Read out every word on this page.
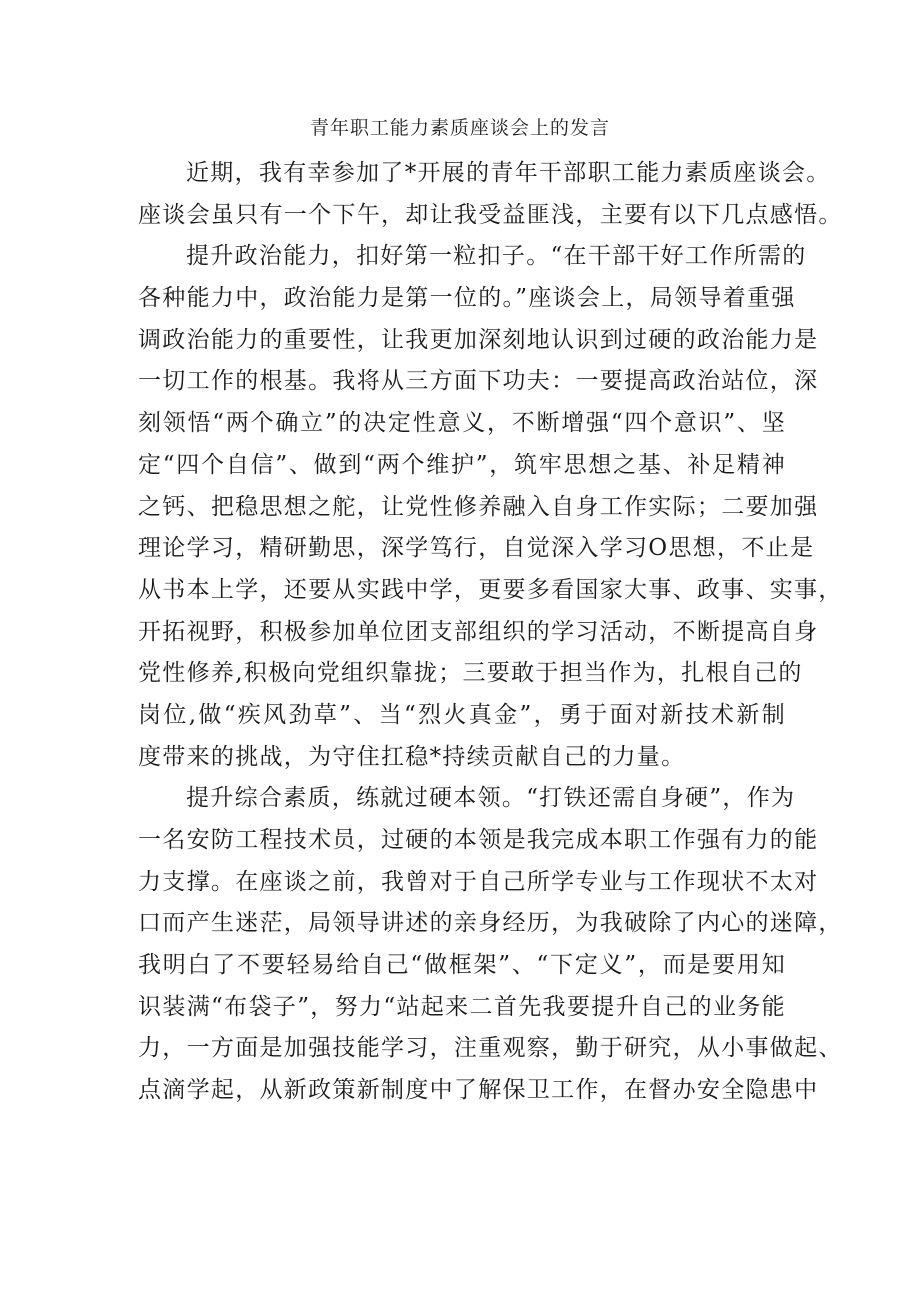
青年职工能力素质座谈会上的发言
近期，我有幸参加了*开展的青年干部职工能力素质座谈会。
座谈会虽只有一个下午，却让我受益匪浅，主要有以下几点感悟。
提升政治能力，扣好第一粒扣子。“在干部干好工作所需的
各种能力中，政治能力是第一位的。”座谈会上，局领导着重强
调政治能力的重要性，让我更加深刻地认识到过硬的政治能力是
一切工作的根基。我将从三方面下功夫：一要提高政治站位，深
刻领悟“两个确立”的决定性意义，不断增强“四个意识”、坚
定“四个自信”、做到“两个维护”，筑牢思想之基、补足精神
之钙、把稳思想之舵，让党性修养融入自身工作实际；二要加强
理论学习，精研勤思，深学笃行，自觉深入学习O思想，不止是
从书本上学，还要从实践中学，更要多看国家大事、政事、实事，
开拓视野，积极参加单位团支部组织的学习活动，不断提高自身
党性修养,积极向党组织靠拢；三要敢于担当作为，扎根自己的
岗位,做“疾风劲草”、当“烈火真金”，勇于面对新技术新制
度带来的挑战，为守住扛稳*持续贡献自己的力量。
提升综合素质，练就过硬本领。“打铁还需自身硬”，作为
一名安防工程技术员，过硬的本领是我完成本职工作强有力的能
力支撑。在座谈之前，我曾对于自己所学专业与工作现状不太对
口而产生迷茫，局领导讲述的亲身经历，为我破除了内心的迷障，
我明白了不要轻易给自己“做框架”、“下定义”，而是要用知
识装满“布袋子”，努力“站起来二首先我要提升自己的业务能
力，一方面是加强技能学习，注重观察，勤于研究，从小事做起、
点滴学起，从新政策新制度中了解保卫工作，在督办安全隐患中
